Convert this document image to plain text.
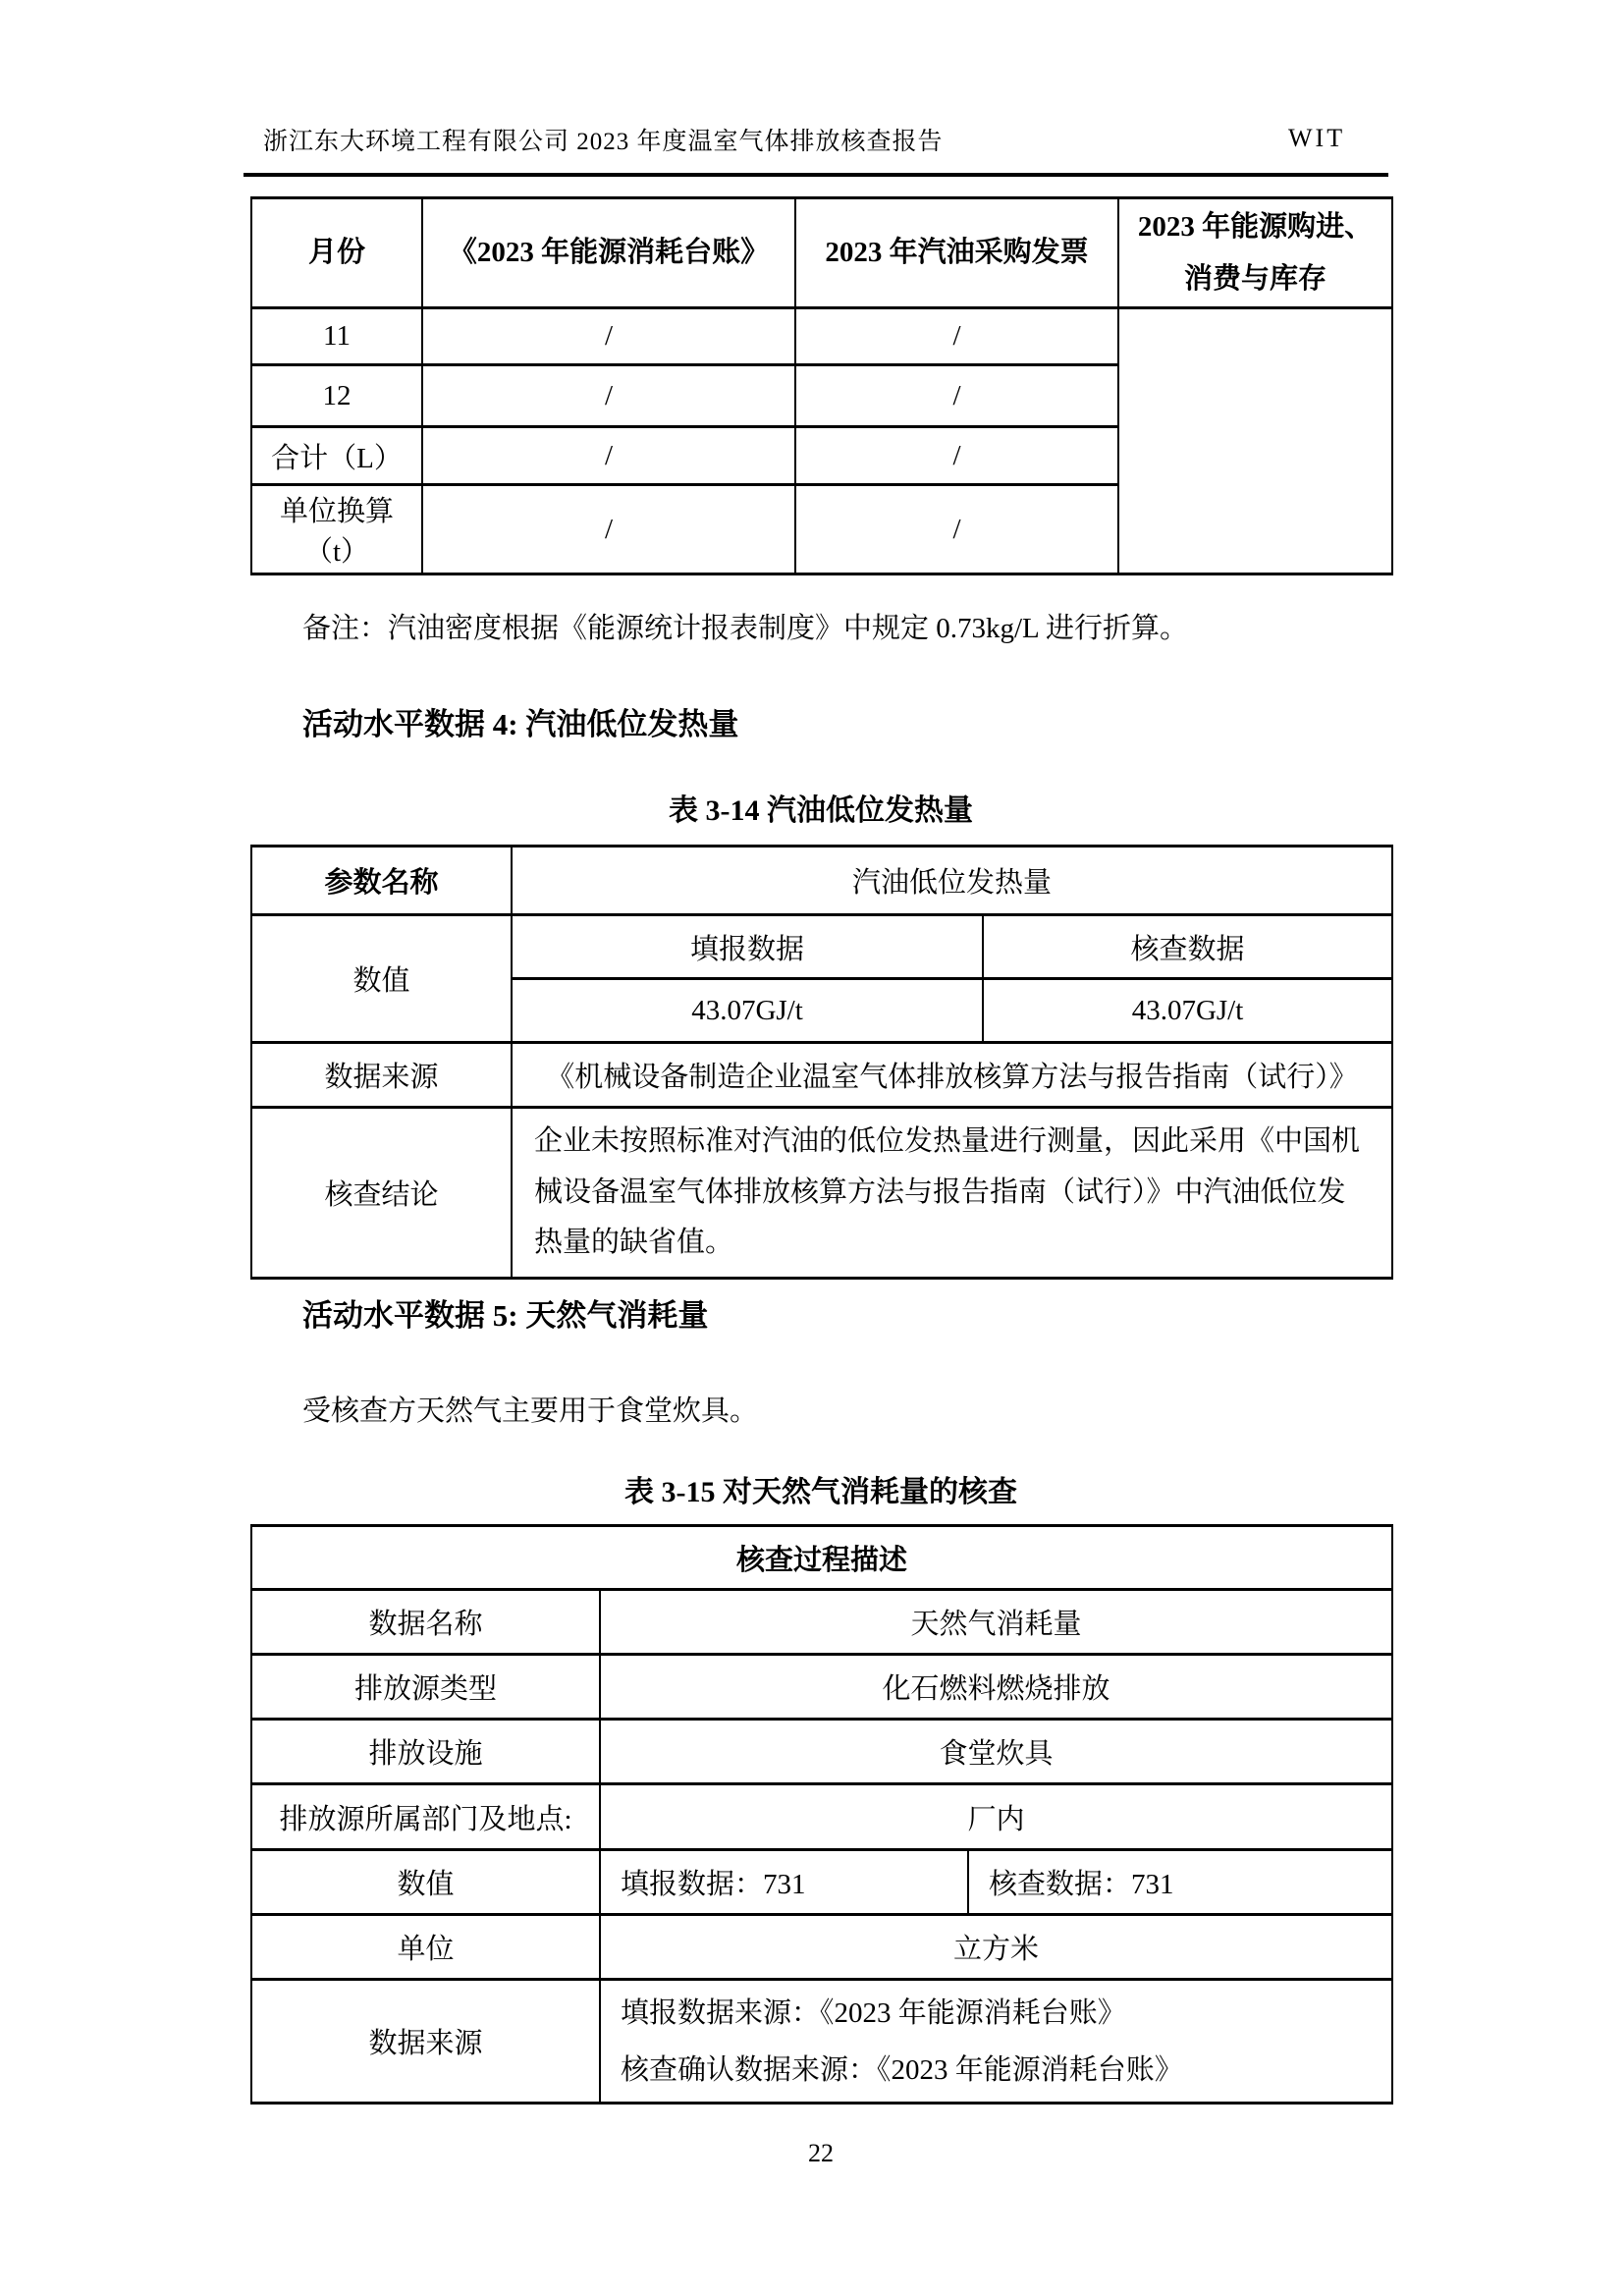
浙江东大环境工程有限公司 2023 年度温室气体排放核查报告	WIT
月份	《2023 年能源消耗台账》	2023 年汽油采购发票	2023 年能源购进、消费与库存
11	/	/	
12	/	/	
合计（L）	/	/	
单位换算（t）	/	/	
备注：汽油密度根据《能源统计报表制度》中规定 0.73kg/L 进行折算。
活动水平数据 4: 汽油低位发热量
表 3-14 汽油低位发热量
参数名称	汽油低位发热量	
数值	填报数据	核查数据
	43.07GJ/t	43.07GJ/t
数据来源	《机械设备制造企业温室气体排放核算方法与报告指南（试行）》	
核查结论	企业未按照标准对汽油的低位发热量进行测量，因此采用《中国机械设备温室气体排放核算方法与报告指南（试行）》中汽油低位发热量的缺省值。	
活动水平数据 5: 天然气消耗量
受核查方天然气主要用于食堂炊具。
表 3-15 对天然气消耗量的核查
核查过程描述		
数据名称	天然气消耗量	
排放源类型	化石燃料燃烧排放	
排放设施	食堂炊具	
排放源所属部门及地点:	厂内	
数值	填报数据：731	核查数据：731
单位	立方米	
数据来源	填报数据来源：《2023 年能源消耗台账》
核查确认数据来源：《2023 年能源消耗台账》	
22
